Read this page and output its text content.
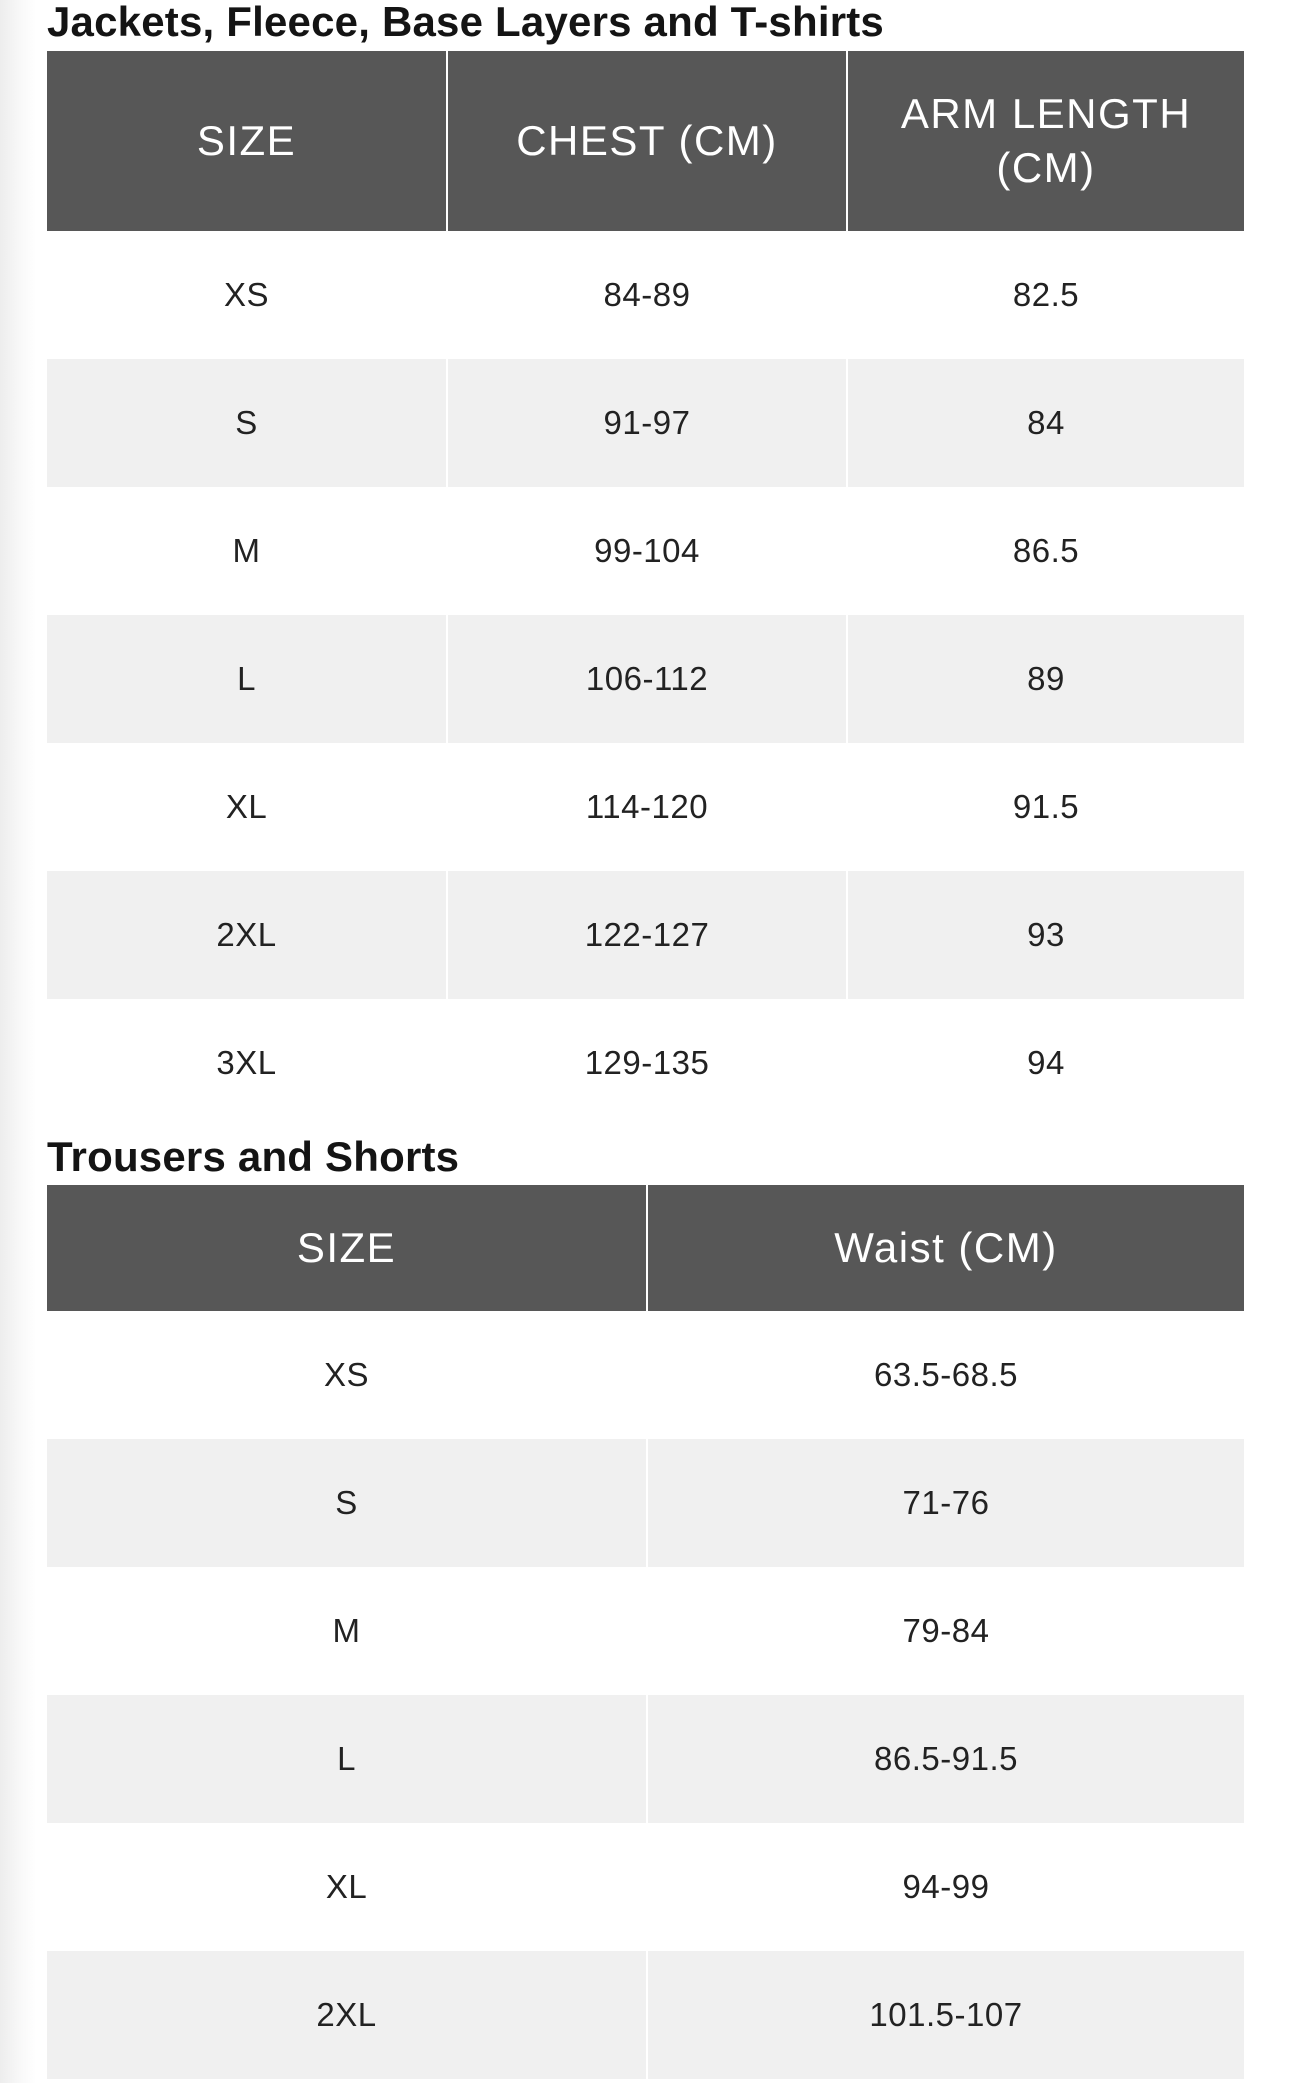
Jackets, Fleece, Base Layers and T-shirts
SIZE	CHEST (CM)	ARM LENGTH (CM)
XS	84-89	82.5
S	91-97	84
M	99-104	86.5
L	106-112	89
XL	114-120	91.5
2XL	122-127	93
3XL	129-135	94
Trousers and Shorts
SIZE	Waist (CM)
XS	63.5-68.5
S	71-76
M	79-84
L	86.5-91.5
XL	94-99
2XL	101.5-107
